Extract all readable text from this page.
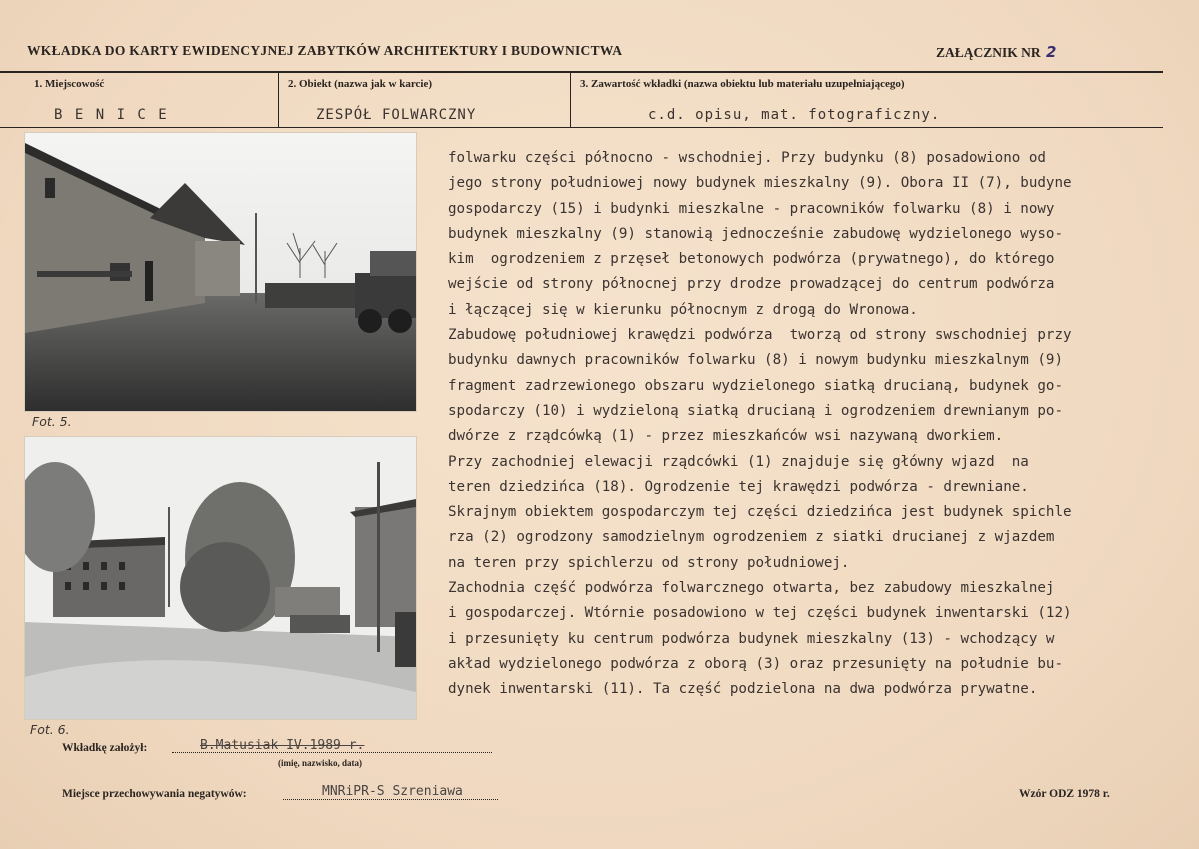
WKŁADKA DO KARTY EWIDENCYJNEJ ZABYTKÓW ARCHITEKTURY I BUDOWNICTWA	ZAŁĄCZNIK NR 2
1. Miejscowość	2. Obiekt (nazwa jak w karcie)	3. Zawartość wkładki (nazwa obiektu lub materiału uzupełniającego)
B E N I C E	ZESPÓŁ FOLWARCZNY	c.d. opisu, mat. fotograficzny.
Fot. 5.
Fot. 6.
folwarku części północno - wschodniej. Przy budynku (8) posadowiono od
jego strony południowej nowy budynek mieszkalny (9). Obora II (7), budyne
gospodarczy (15) i budynki mieszkalne - pracowników folwarku (8) i nowy
budynek mieszkalny (9) stanowią jednocześnie zabudowę wydzielonego wyso-
kim  ogrodzeniem z przęseł betonowych podwórza (prywatnego), do którego
wejście od strony północnej przy drodze prowadzącej do centrum podwórza
i łączącej się w kierunku północnym z drogą do Wronowa.
Zabudowę południowej krawędzi podwórza  tworzą od strony swschodniej przy
budynku dawnych pracowników folwarku (8) i nowym budynku mieszkalnym (9)
fragment zadrzewionego obszaru wydzielonego siatką drucianą, budynek go-
spodarczy (10) i wydzieloną siatką drucianą i ogrodzeniem drewnianym po-
dwórze z rządcówką (1) - przez mieszkańców wsi nazywaną dworkiem.
Przy zachodniej elewacji rządcówki (1) znajduje się główny wjazd  na
teren dziedzińca (18). Ogrodzenie tej krawędzi podwórza - drewniane.
Skrajnym obiektem gospodarczym tej części dziedzińca jest budynek spichle
rza (2) ogrodzony samodzielnym ogrodzeniem z siatki drucianej z wjazdem
na teren przy spichlerzu od strony południowej.
Zachodnia część podwórza folwarcznego otwarta, bez zabudowy mieszkalnej
i gospodarczej. Wtórnie posadowiono w tej części budynek inwentarski (12)
i przesunięty ku centrum podwórza budynek mieszkalny (13) - wchodzący w
akład wydzielonego podwórza z oborą (3) oraz przesunięty na południe bu-
dynek inwentarski (11). Ta część podzielona na dwa podwórza prywatne.
Wkładkę założył:	B.Matusiak IV.1989 r.
(imię, nazwisko, data)
Miejsce przechowywania negatywów:	MNRiPR-S Szreniawa	Wzór ODZ 1978 r.
